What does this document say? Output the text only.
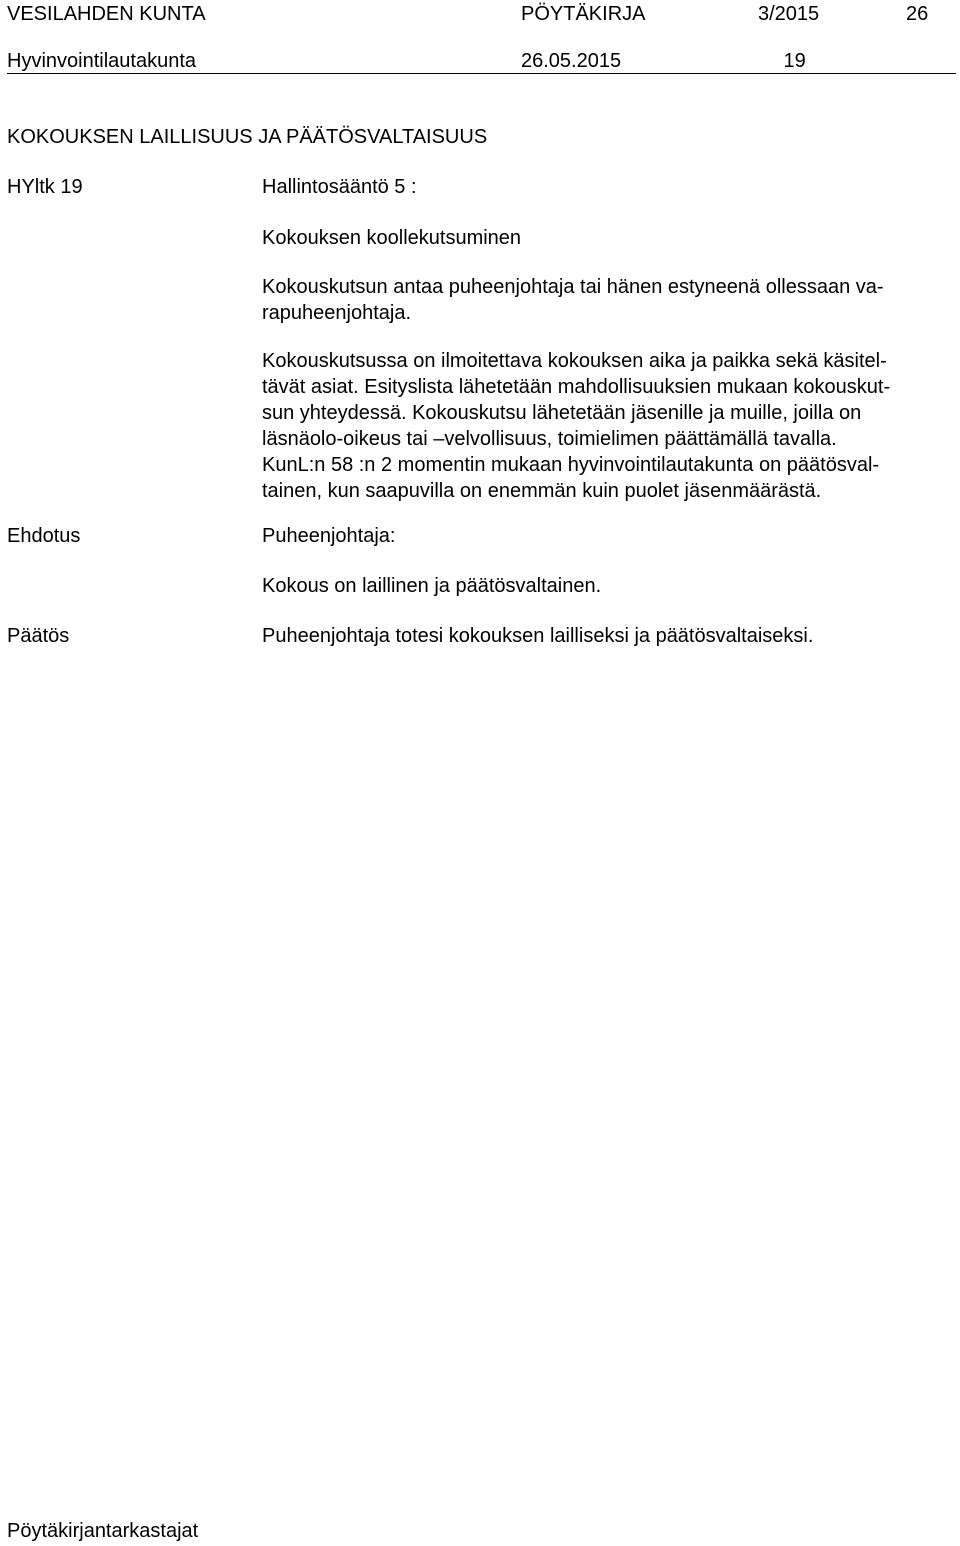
VESILAHDEN KUNTA	PÖYTÄKIRJA	3/2015	26
Hyvinvointilautakunta	26.05.2015	19
KOKOUKSEN LAILLISUUS JA PÄÄTÖSVALTAISUUS
HYltk 19	Hallintosääntö 5 :
Kokouksen koollekutsuminen
Kokouskutsun antaa puheenjohtaja tai hänen estyneenä ollessaan va-
rapuheenjohtaja.
Kokouskutsussa on ilmoitettava kokouksen aika ja paikka sekä käsitel-
tävät asiat. Esityslista lähetetään mahdollisuuksien mukaan kokouskut-
sun yhteydessä. Kokouskutsu lähetetään jäsenille ja muille, joilla on
läsnäolo-oikeus tai –velvollisuus, toimielimen päättämällä tavalla.
KunL:n 58 :n 2 momentin mukaan hyvinvointilautakunta on päätösval-
tainen, kun saapuvilla on enemmän kuin puolet jäsenmäärästä.
Ehdotus	Puheenjohtaja:
Kokous on laillinen ja päätösvaltainen.
Päätös	Puheenjohtaja totesi kokouksen lailliseksi ja päätösvaltaiseksi.
Pöytäkirjantarkastajat
